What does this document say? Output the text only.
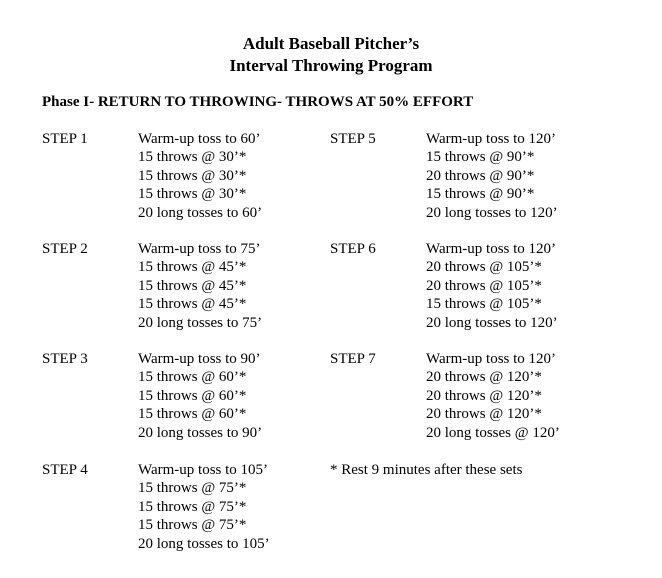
Adult Baseball Pitcher’s
Interval Throwing Program

Phase I- RETURN TO THROWING- THROWS AT 50% EFFORT

STEP 1	Warm-up toss to 60’
15 throws @ 30’*
15 throws @ 30’*
15 throws @ 30’*
20 long tosses to 60’
STEP 2	Warm-up toss to 75’
15 throws @ 45’*
15 throws @ 45’*
15 throws @ 45’*
20 long tosses to 75’
STEP 3	Warm-up toss to 90’
15 throws @ 60’*
15 throws @ 60’*
15 throws @ 60’*
20 long tosses to 90’
STEP 4	Warm-up toss to 105’
15 throws @ 75’*
15 throws @ 75’*
15 throws @ 75’*
20 long tosses to 105’
STEP 5	Warm-up toss to 120’
15 throws @ 90’*
20 throws @ 90’*
15 throws @ 90’*
20 long tosses to 120’
STEP 6	Warm-up toss to 120’
20 throws @ 105’*
20 throws @ 105’*
15 throws @ 105’*
20 long tosses to 120’
STEP 7	Warm-up toss to 120’
20 throws @ 120’*
20 throws @ 120’*
20 throws @ 120’*
20 long tosses @ 120’
* Rest 9 minutes after these sets
